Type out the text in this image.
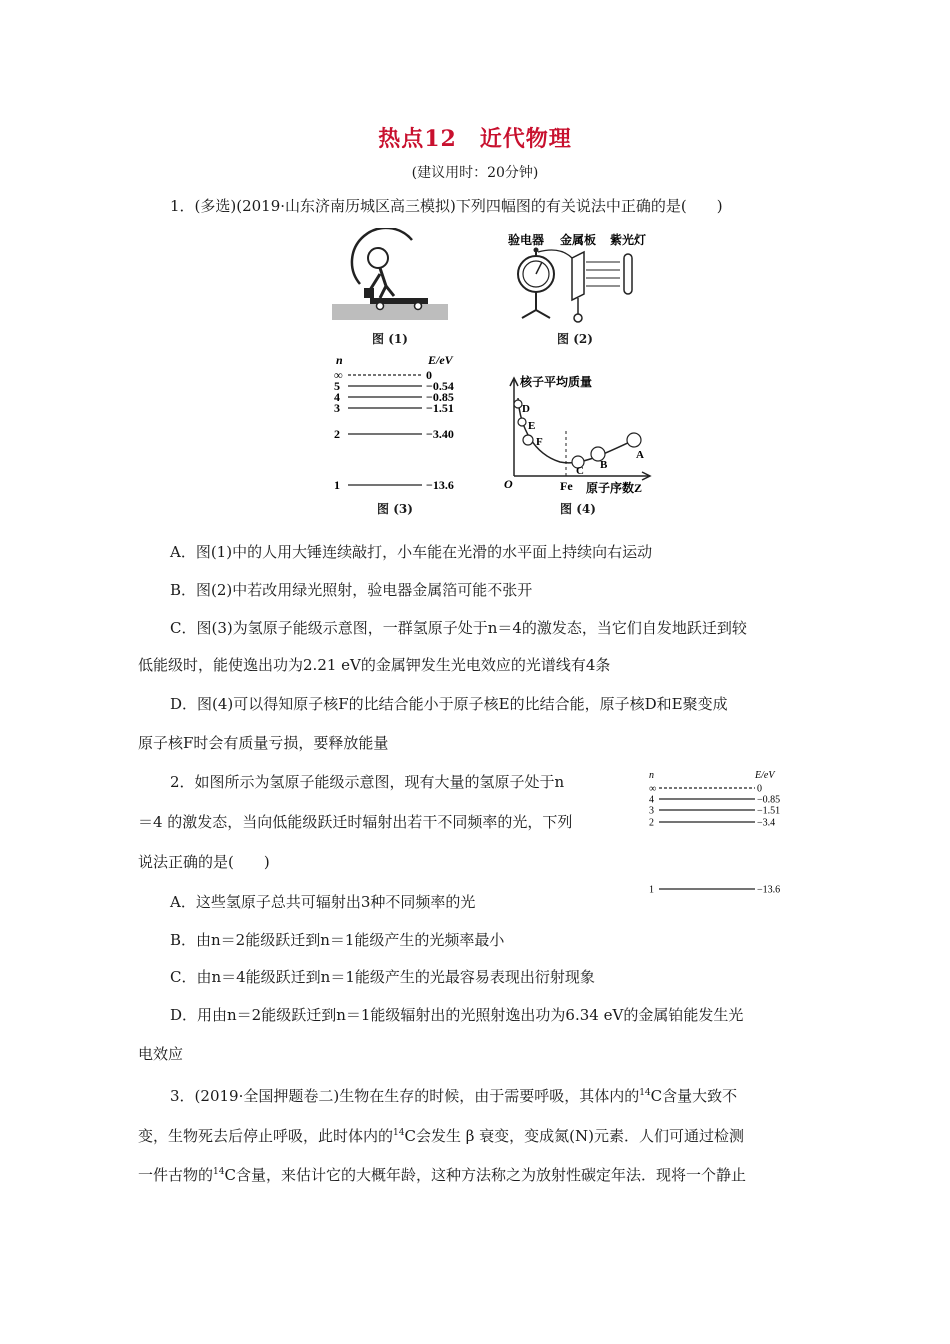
热点12　近代物理
(建议用时：20分钟)
1．(多选)(2019·山东济南历城区高三模拟)下列四幅图的有关说法中正确的是(　　)
图 (1)
验电器 金属板 紫光灯
图 (2)
n	E/eV
∞	0
5	−0.54
4	−0.85
3	−1.51
2	−3.40
1	−13.6
图 (3)
核子平均质量
O	Fe 原子序数Z
D
E
F
C B
A
图 (4)
A．图(1)中的人用大锤连续敲打，小车能在光滑的水平面上持续向右运动
B．图(2)中若改用绿光照射，验电器金属箔可能不张开
C．图(3)为氢原子能级示意图，一群氢原子处于n＝4的激发态，当它们自发地跃迁到较
低能级时，能使逸出功为2.21 eV的金属钾发生光电效应的光谱线有4条
D．图(4)可以得知原子核F的比结合能小于原子核E的比结合能，原子核D和E聚变成
原子核F时会有质量亏损，要释放能量
2．如图所示为氢原子能级示意图，现有大量的氢原子处于n
＝4 的激发态，当向低能级跃迁时辐射出若干不同频率的光，下列
说法正确的是(　　)
n	E/eV
∞	0
4	−0.85
3	−1.51
2	−3.4
1	−13.6
A．这些氢原子总共可辐射出3种不同频率的光
B．由n＝2能级跃迁到n＝1能级产生的光频率最小
C．由n＝4能级跃迁到n＝1能级产生的光最容易表现出衍射现象
D．用由n＝2能级跃迁到n＝1能级辐射出的光照射逸出功为6.34 eV的金属铂能发生光
电效应
3．(2019·全国押题卷二)生物在生存的时候，由于需要呼吸，其体内的$^{14}$C含量大致不
变，生物死去后停止呼吸，此时体内的$^{14}$C会发生 β 衰变，变成氮(N)元素．人们可通过检测
一件古物的$^{14}$C含量，来估计它的大概年龄，这种方法称之为放射性碳定年法．现将一个静止
